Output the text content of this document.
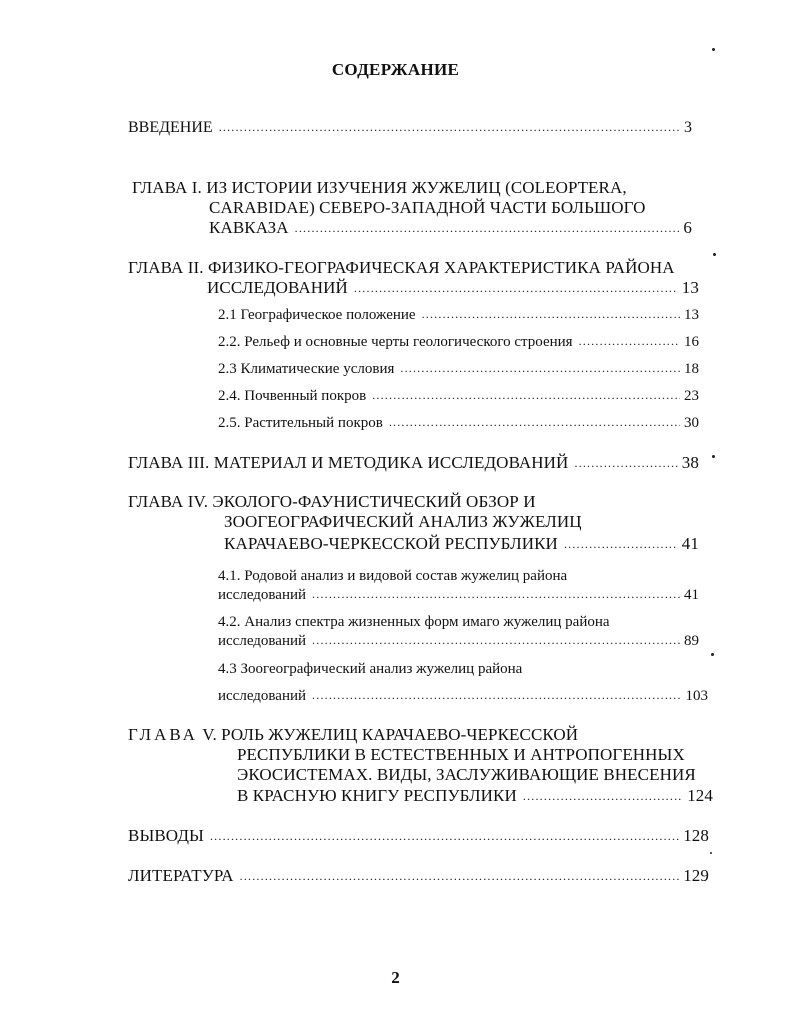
СОДЕРЖАНИЕ
ВВЕДЕНИЕ .....	3
ГЛАВА I. ИЗ ИСТОРИИ ИЗУЧЕНИЯ ЖУЖЕЛИЦ (COLEOPTERA,
CARABIDAE) СЕВЕРО-ЗАПАДНОЙ ЧАСТИ БОЛЬШОГО
КАВКАЗА .....	6
ГЛАВА II. ФИЗИКО-ГЕОГРАФИЧЕСКАЯ ХАРАКТЕРИСТИКА РАЙОНА
ИССЛЕДОВАНИЙ .....	13
2.1 Географическое положение .....	13
2.2. Рельеф и основные черты геологического строения .....	16
2.3 Климатические условия .....	18
2.4. Почвенный покров .....	23
2.5. Растительный покров .....	30
ГЛАВА III. МАТЕРИАЛ И МЕТОДИКА ИССЛЕДОВАНИЙ .....	38
ГЛАВА IV. ЭКОЛОГО-ФАУНИСТИЧЕСКИЙ ОБЗОР И
ЗООГЕОГРАФИЧЕСКИЙ АНАЛИЗ ЖУЖЕЛИЦ
КАРАЧАЕВО-ЧЕРКЕССКОЙ РЕСПУБЛИКИ .....	41
4.1. Родовой анализ и видовой состав жужелиц района
исследований .....	41
4.2. Анализ спектра жизненных форм имаго жужелиц района
исследований .....	89
4.3 Зоогеографический анализ жужелиц района
исследований .....	103
ГЛАВА V. РОЛЬ ЖУЖЕЛИЦ КАРАЧАЕВО-ЧЕРКЕССКОЙ
РЕСПУБЛИКИ В ЕСТЕСТВЕННЫХ И АНТРОПОГЕННЫХ
ЭКОСИСТЕМАХ. ВИДЫ, ЗАСЛУЖИВАЮЩИЕ ВНЕСЕНИЯ
В КРАСНУЮ КНИГУ РЕСПУБЛИКИ .....	124
ВЫВОДЫ .....	128
ЛИТЕРАТУРА .....	129
2
